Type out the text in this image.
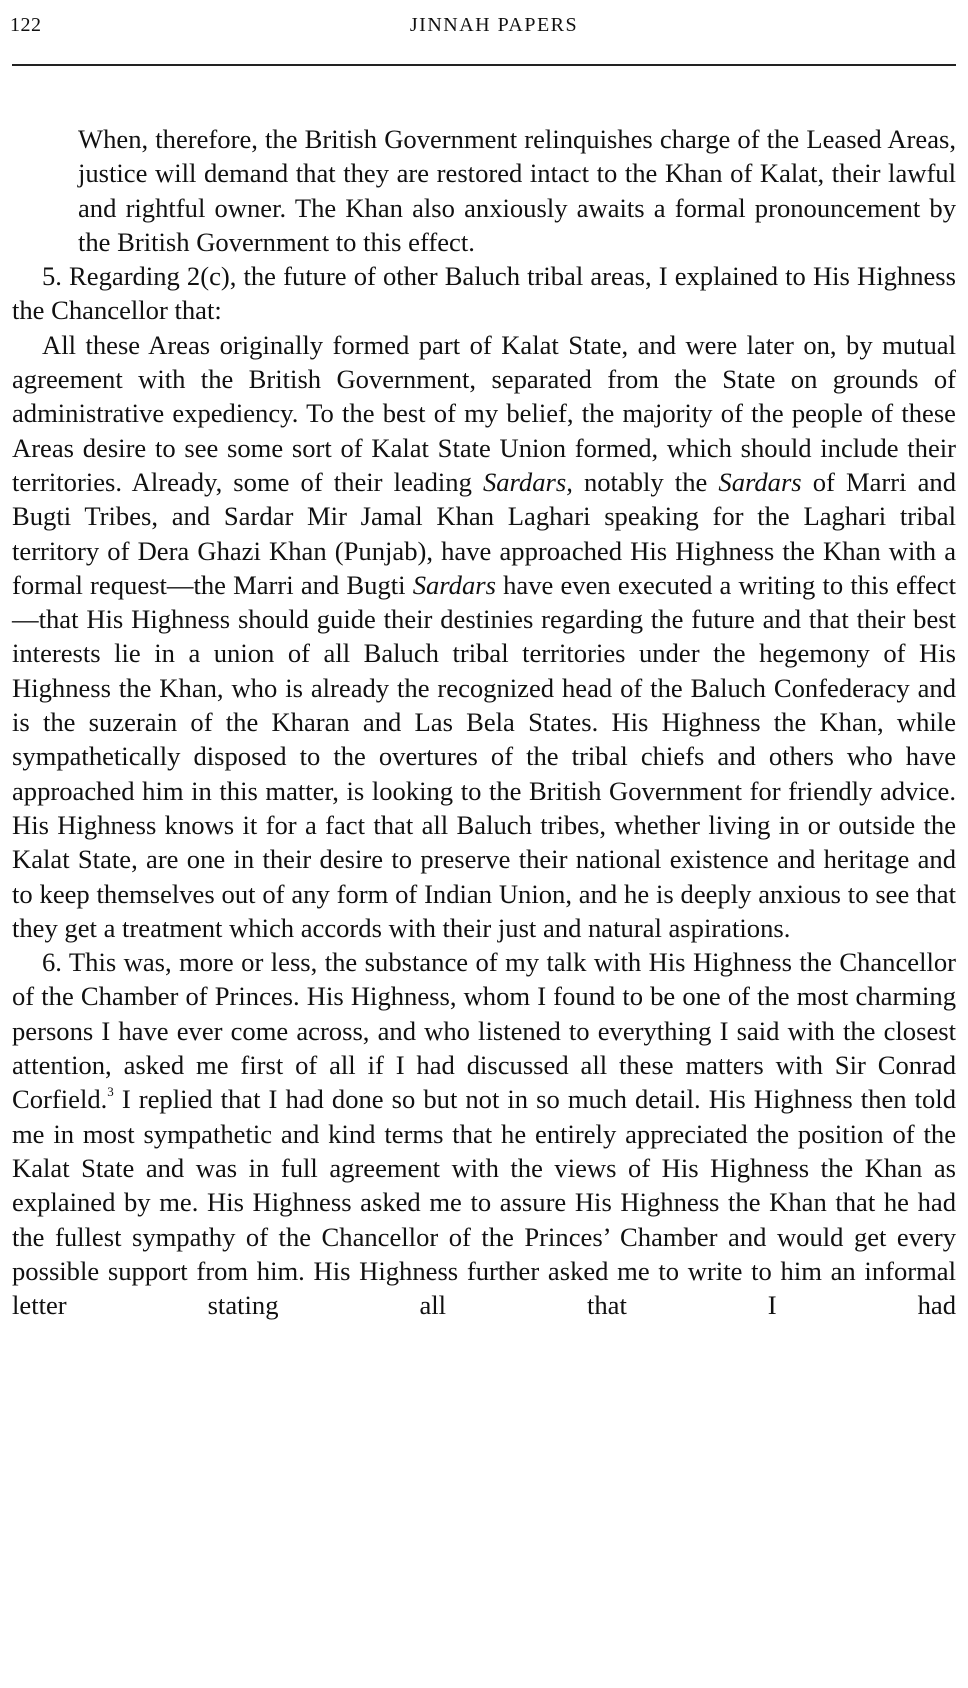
122	JINNAH PAPERS

When, therefore, the British Government relinquishes charge of the Leased Areas, justice will demand that they are restored intact to the Khan of Kalat, their lawful and rightful owner. The Khan also anxiously awaits a formal pronouncement by the British Government to this effect.

5. Regarding 2(c), the future of other Baluch tribal areas, I explained to His Highness the Chancellor that:

All these Areas originally formed part of Kalat State, and were later on, by mutual agreement with the British Government, separated from the State on grounds of administrative expediency. To the best of my belief, the majority of the people of these Areas desire to see some sort of Kalat State Union formed, which should include their territories. Already, some of their leading Sardars, notably the Sardars of Marri and Bugti Tribes, and Sardar Mir Jamal Khan Laghari speaking for the Laghari tribal territory of Dera Ghazi Khan (Punjab), have approached His Highness the Khan with a formal request—the Marri and Bugti Sardars have even executed a writing to this effect—that His Highness should guide their destinies regarding the future and that their best interests lie in a union of all Baluch tribal territories under the hegemony of His Highness the Khan, who is already the recognized head of the Baluch Confederacy and is the suzerain of the Kharan and Las Bela States. His Highness the Khan, while sympathetically disposed to the overtures of the tribal chiefs and others who have approached him in this matter, is looking to the British Government for friendly advice. His Highness knows it for a fact that all Baluch tribes, whether living in or outside the Kalat State, are one in their desire to preserve their national existence and heritage and to keep themselves out of any form of Indian Union, and he is deeply anxious to see that they get a treatment which accords with their just and natural aspirations.

6. This was, more or less, the substance of my talk with His Highness the Chancellor of the Chamber of Princes. His Highness, whom I found to be one of the most charming persons I have ever come across, and who listened to everything I said with the closest attention, asked me first of all if I had discussed all these matters with Sir Conrad Corfield.$^3$ I replied that I had done so but not in so much detail. His Highness then told me in most sympathetic and kind terms that he entirely appreciated the position of the Kalat State and was in full agreement with the views of His Highness the Khan as explained by me. His Highness asked me to assure His Highness the Khan that he had the fullest sympathy of the Chancellor of the Princes’ Chamber and would get every possible support from him. His Highness further asked me to write to him an informal letter stating all that I had
